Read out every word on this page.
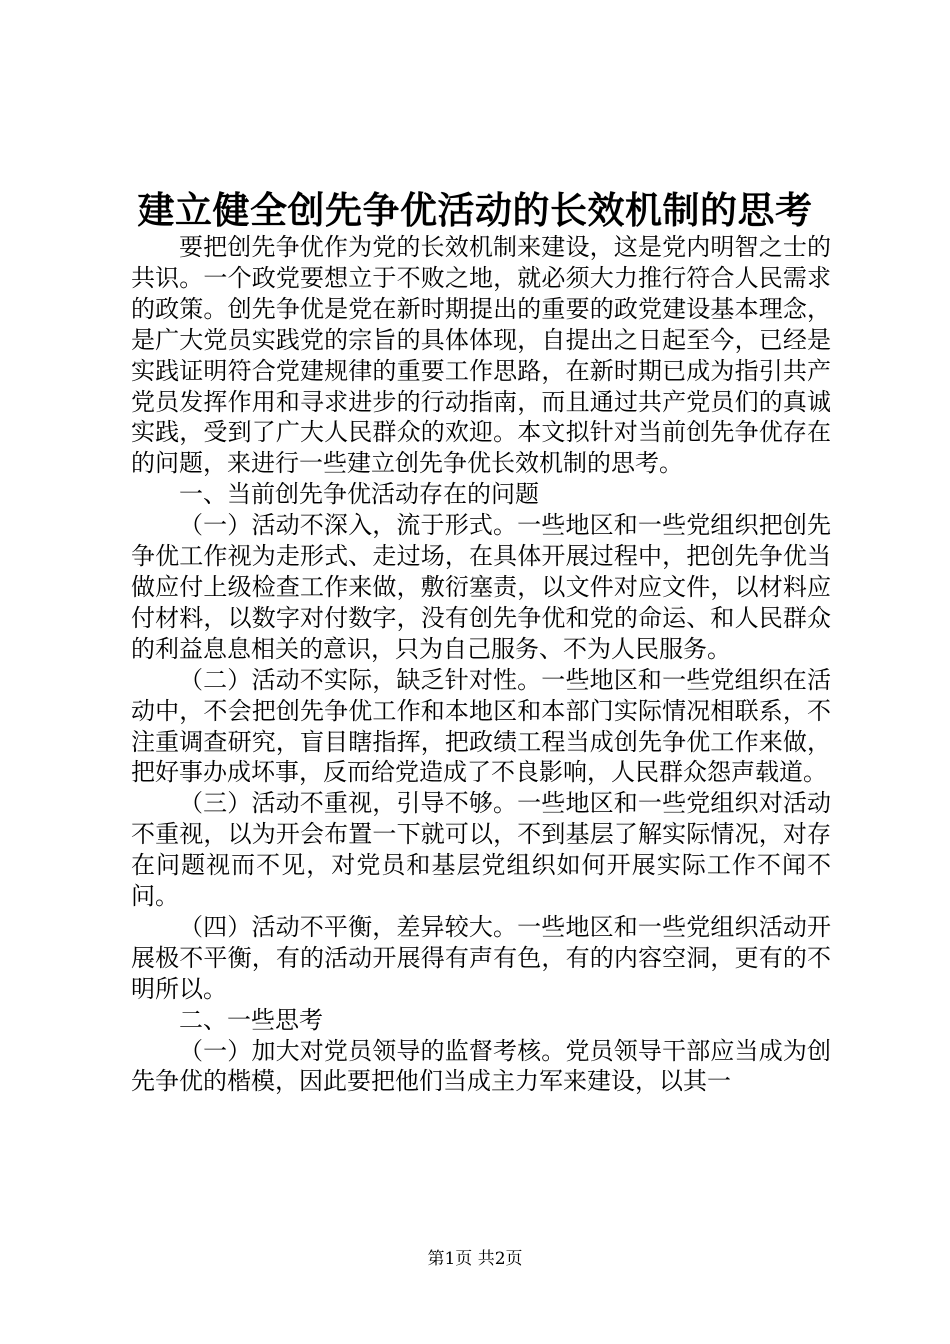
建立健全创先争优活动的长效机制的思考

要把创先争优作为党的长效机制来建设，这是党内明智之士的共识。一个政党要想立于不败之地，就必须大力推行符合人民需求的政策。创先争优是党在新时期提出的重要的政党建设基本理念，是广大党员实践党的宗旨的具体体现，自提出之日起至今，已经是实践证明符合党建规律的重要工作思路，在新时期已成为指引共产党员发挥作用和寻求进步的行动指南，而且通过共产党员们的真诚实践，受到了广大人民群众的欢迎。本文拟针对当前创先争优存在的问题，来进行一些建立创先争优长效机制的思考。

一、当前创先争优活动存在的问题

（一）活动不深入，流于形式。一些地区和一些党组织把创先争优工作视为走形式、走过场，在具体开展过程中，把创先争优当做应付上级检查工作来做，敷衍塞责，以文件对应文件，以材料应付材料，以数字对付数字，没有创先争优和党的命运、和人民群众的利益息息相关的意识，只为自己服务、不为人民服务。

（二）活动不实际，缺乏针对性。一些地区和一些党组织在活动中，不会把创先争优工作和本地区和本部门实际情况相联系，不注重调查研究，盲目瞎指挥，把政绩工程当成创先争优工作来做，把好事办成坏事，反而给党造成了不良影响，人民群众怨声载道。

（三）活动不重视，引导不够。一些地区和一些党组织对活动不重视，以为开会布置一下就可以，不到基层了解实际情况，对存在问题视而不见，对党员和基层党组织如何开展实际工作不闻不问。

（四）活动不平衡，差异较大。一些地区和一些党组织活动开展极不平衡，有的活动开展得有声有色，有的内容空洞，更有的不明所以。

二、一些思考

（一）加大对党员领导的监督考核。党员领导干部应当成为创先争优的楷模，因此要把他们当成主力军来建设，以其一

第1页 共2页
